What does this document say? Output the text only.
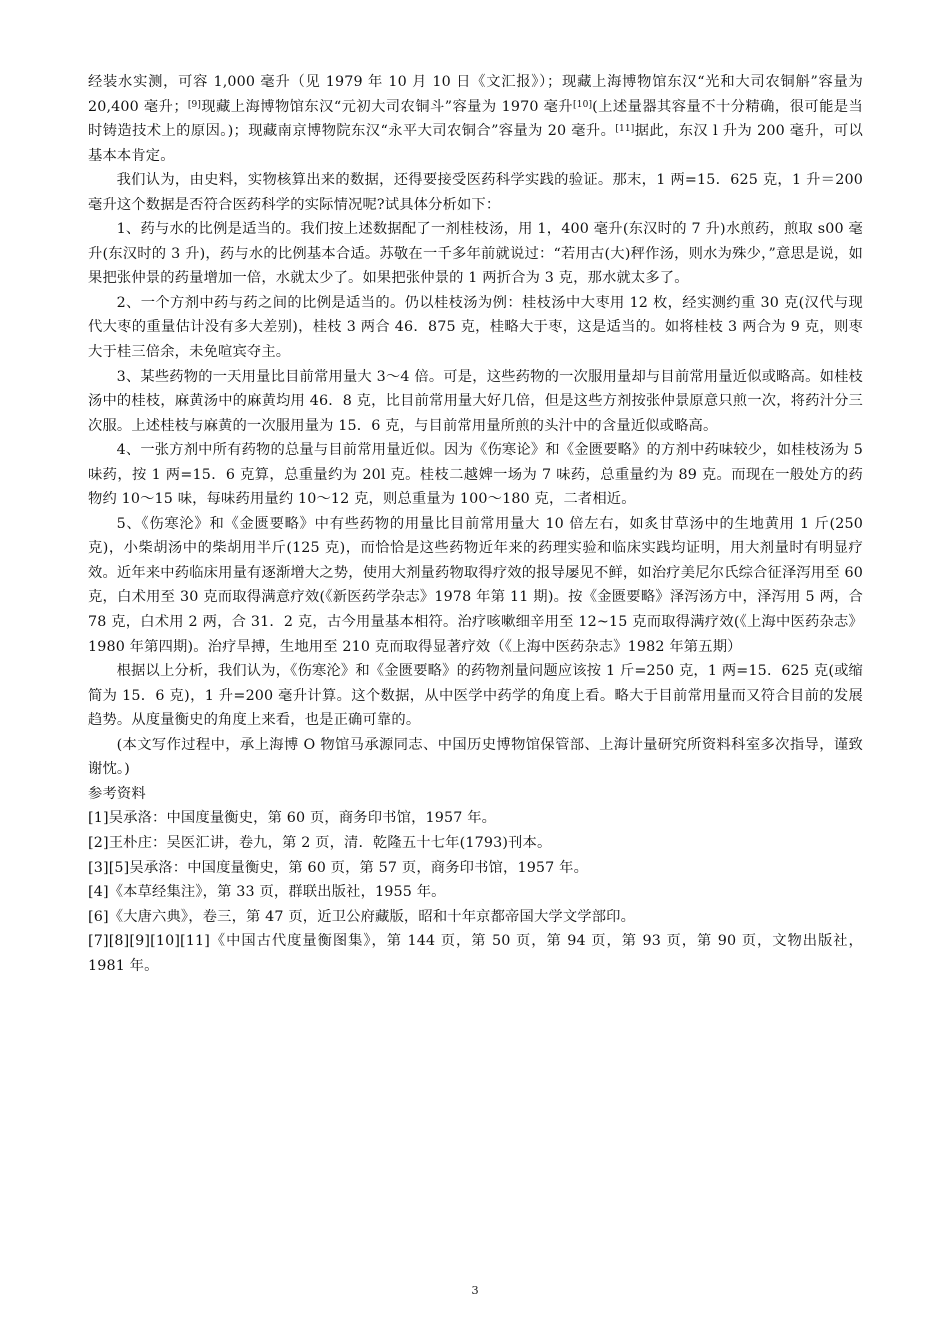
经装水实测，可容 1,000 毫升（见 1979 年 10 月 10 日《文汇报》）；现藏上海博物馆东汉“光和大司农铜斛”容量为 20,400 毫升；[9]现藏上海博物馆东汉“元初大司农铜斗”容量为 1970 毫升[10](上述量器其容量不十分精确，很可能是当时铸造技术上的原因。)；现藏南京博物院东汉“永平大司农铜合”容量为 20 毫升。[11]据此，东汉 l 升为 200 毫升，可以基本本肯定。

我们认为，由史料，实物核算出来的数据，还得要接受医药科学实践的验证。那末，1 两=15．625 克，1 升＝200 毫升这个数据是否符合医药科学的实际情况呢?试具体分析如下：

1、药与水的比例是适当的。我们按上述数据配了一剂桂枝汤，用 1，400 毫升(东汉时的 7 升)水煎药，煎取 s00 毫升(东汉时的 3 升)，药与水的比例基本合适。苏敬在一千多年前就说过：“若用古(大)秤作汤，则水为殊少，”意思是说，如果把张仲景的药量增加一倍，水就太少了。如果把张仲景的 1 两折合为 3 克，那水就太多了。

2、一个方剂中药与药之间的比例是适当的。仍以桂枝汤为例：桂枝汤中大枣用 12 枚，经实测约重 30 克(汉代与现代大枣的重量估计没有多大差别)，桂枝 3 两合 46．875 克，桂略大于枣，这是适当的。如将桂枝 3 两合为 9 克，则枣大于桂三倍余，未免喧宾夺主。

3、某些药物的一天用量比目前常用量大 3～4 倍。可是，这些药物的一次服用量却与目前常用量近似或略高。如桂枝汤中的桂枝，麻黄汤中的麻黄均用 46．8 克，比目前常用量大好几倍，但是这些方剂按张仲景原意只煎一次，将药汁分三次服。上述桂枝与麻黄的一次服用量为 15．6 克，与目前常用量所煎的头汁中的含量近似或略高。

4、一张方剂中所有药物的总量与目前常用量近似。因为《伤寒论》和《金匮要略》的方剂中药味较少，如桂枝汤为 5 味药，按 1 两=15．6 克算，总重量约为 20l 克。桂枝二越婢一场为 7 味药，总重量约为 89 克。而现在一般处方的药物约 10～15 味，每味药用量约 10～12 克，则总重量为 100～180 克，二者相近。

5、《伤寒沦》和《金匮要略》中有些药物的用量比目前常用量大 10 倍左右，如炙甘草汤中的生地黄用 1 斤(250 克)，小柴胡汤中的柴胡用半斤(125 克)，而恰恰是这些药物近年来的药理实验和临床实践均证明，用大剂量时有明显疗效。近年来中药临床用量有逐渐增大之势，使用大剂量药物取得疗效的报导屡见不鲜，如治疗美尼尔氏综合征泽泻用至 60 克，白术用至 30 克而取得满意疗效(《新医药学杂志》1978 年第 11 期)。按《金匮要略》泽泻汤方中，泽泻用 5 两，合 78 克，白术用 2 两，合 31．2 克，古今用量基本相符。治疗咳嗽细辛用至 12~15 克而取得满疗效(《上海中医药杂志》1980 年第四期)。治疗旱搏，生地用至 210 克而取得显著疗效（《上海中医药杂志》1982 年第五期）

根据以上分析，我们认为，《伤寒沦》和《金匮要略》的药物剂量问题应该按 1 斤=250 克，1 两=15．625 克(或缩简为 15．6 克)，1 升=200 毫升计算。这个数据，从中医学中药学的角度上看。略大于目前常用量而又符合目前的发展趋势。从度量衡史的角度上来看，也是正确可靠的。

(本文写作过程中，承上海博 O 物馆马承源同志、中国历史博物馆保管部、上海计量研究所资料科室多次指导，谨致谢忱。)

参考资料

[1]吴承洛：中国度量衡史，第 60 页，商务印书馆，1957 年。

[2]王朴庄：吴医汇讲，卷九，第 2 页，清．乾隆五十七年(1793)刊本。

[3][5]吴承洛：中国度量衡史，第 60 页，第 57 页，商务印书馆，1957 年。

[4]《本草经集注》，第 33 页，群联出版社，1955 年。

[6]《大唐六典》，卷三，第 47 页，近卫公府藏版，昭和十年京都帝国大学文学部印。

[7][8][9][10][11]《中国古代度量衡图集》，第 144 页，第 50 页，第 94 页，第 93 页，第 90 页，文物出版社，1981 年。

3
